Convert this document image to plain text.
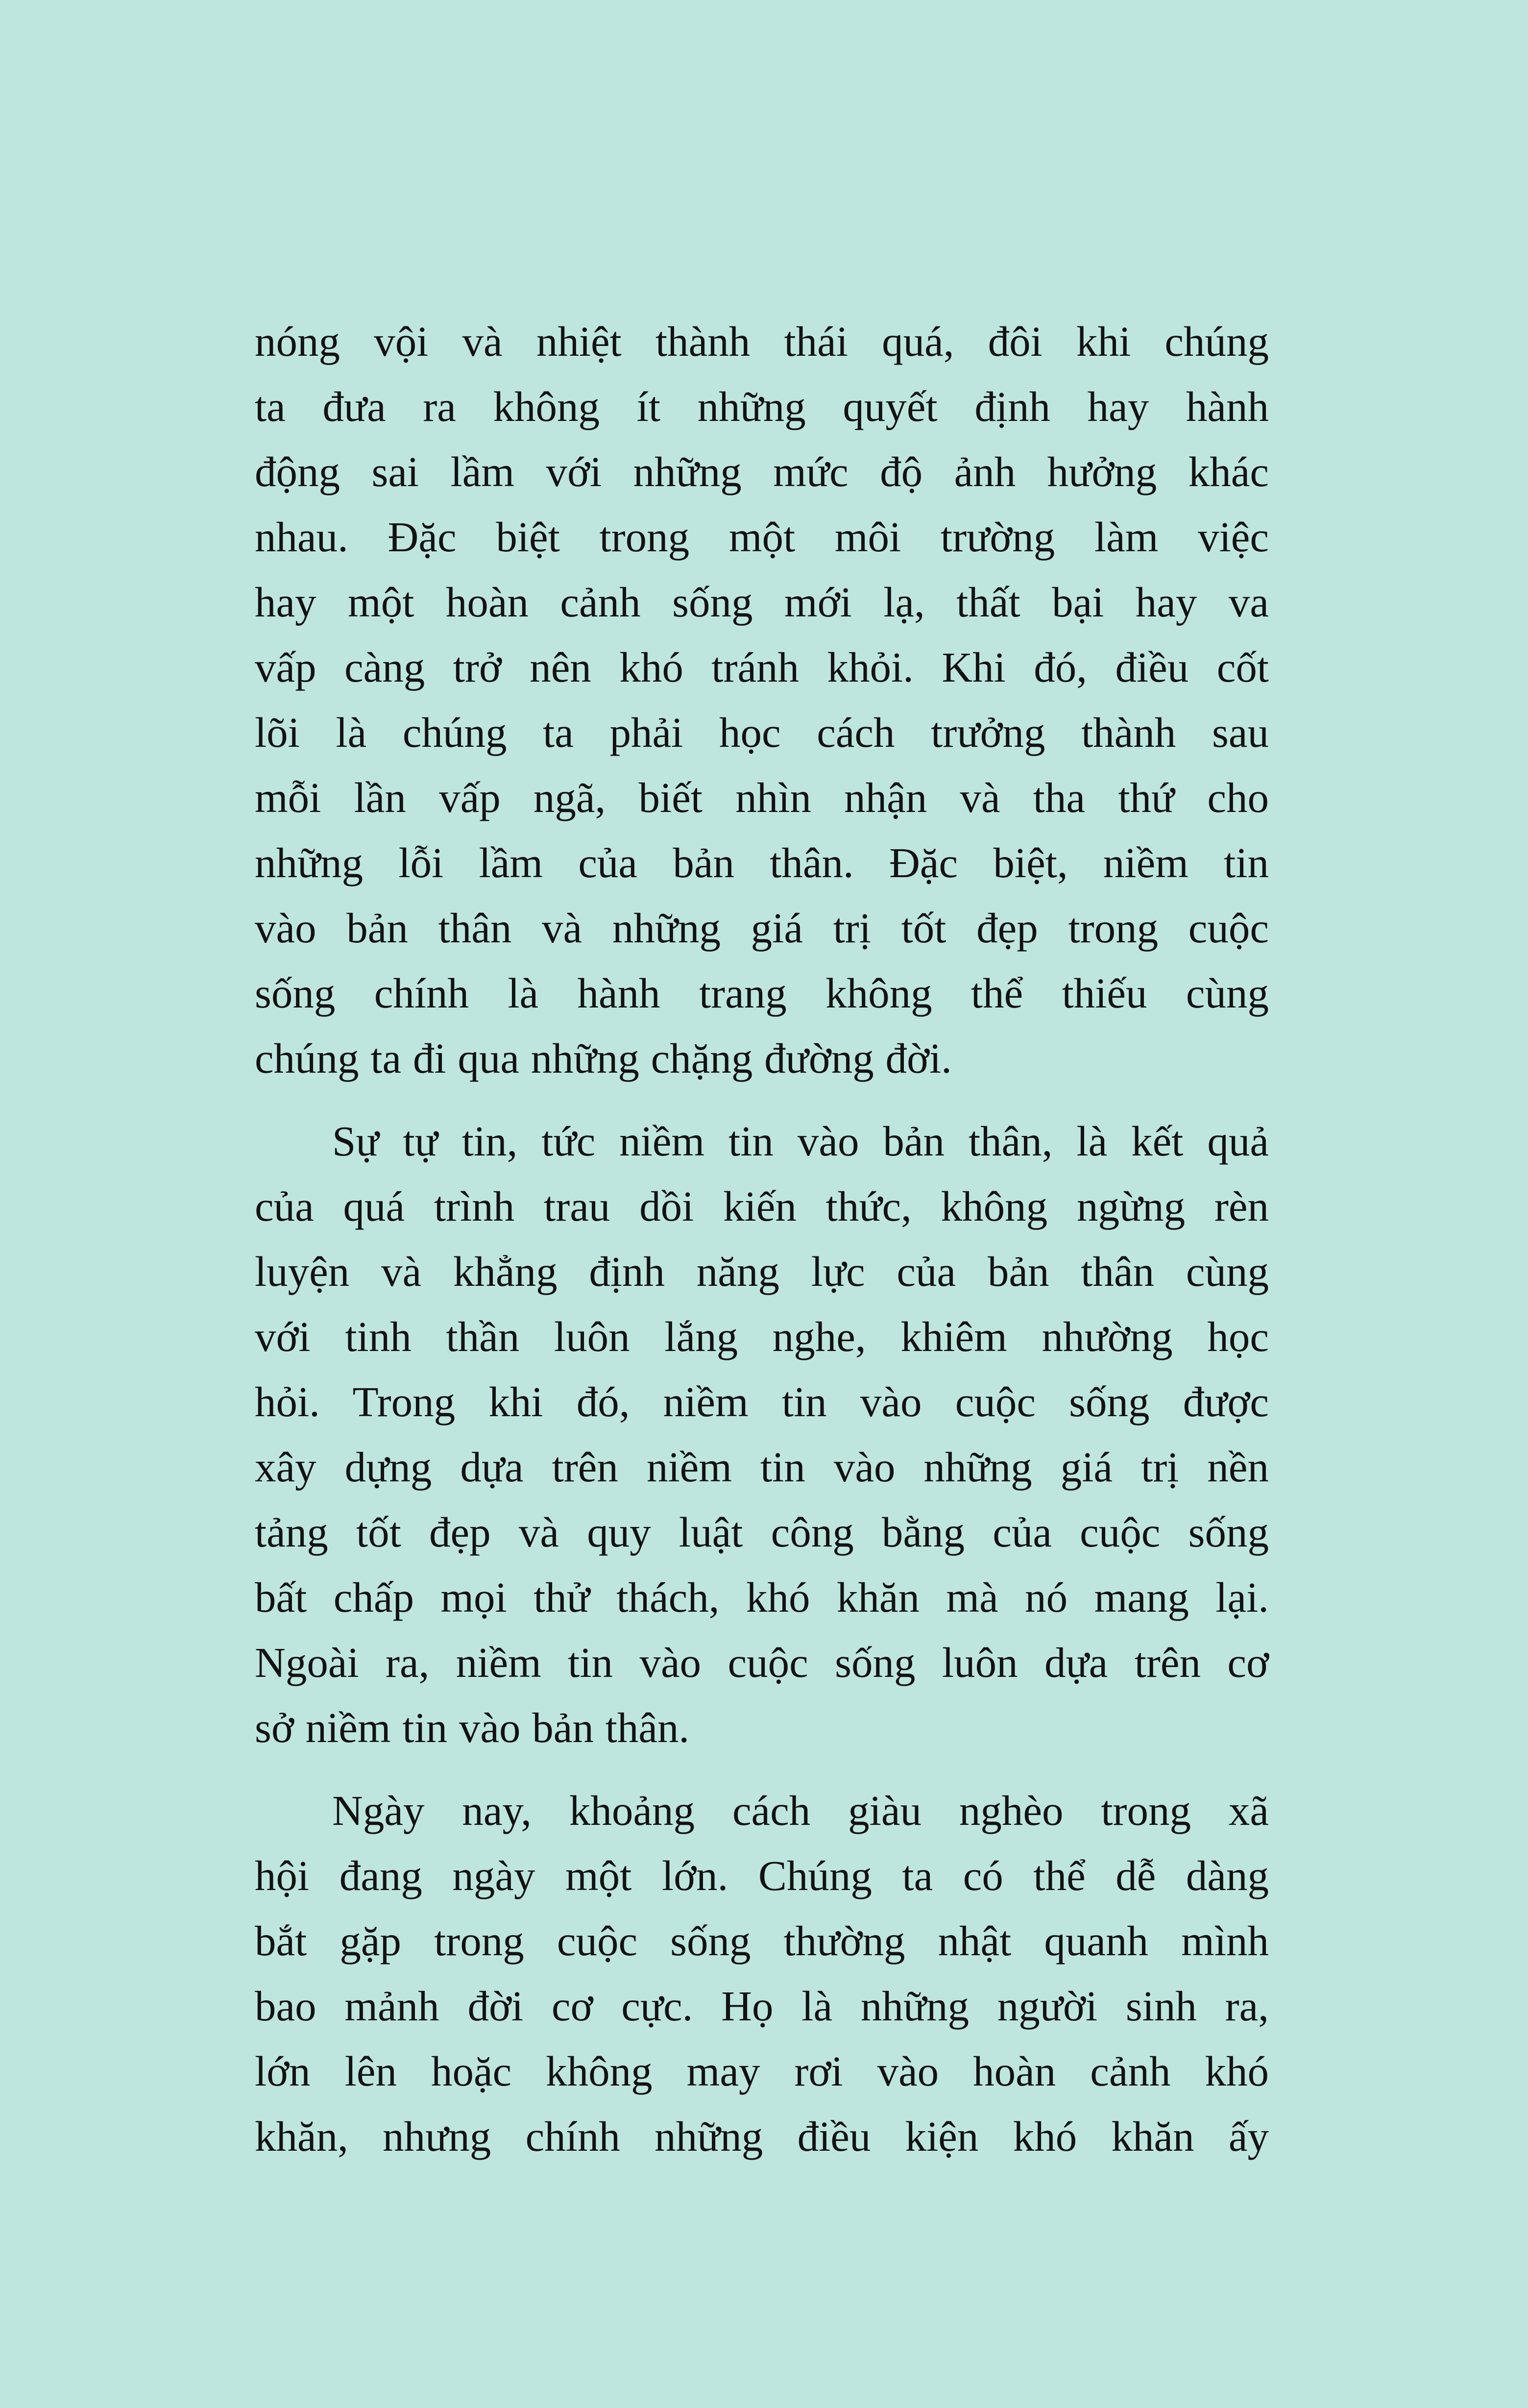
nóng vội và nhiệt thành thái quá, đôi khi chúng
ta đưa ra không ít những quyết định hay hành
động sai lầm với những mức độ ảnh hưởng khác
nhau. Đặc biệt trong một môi trường làm việc
hay một hoàn cảnh sống mới lạ, thất bại hay va
vấp càng trở nên khó tránh khỏi. Khi đó, điều cốt
lõi là chúng ta phải học cách trưởng thành sau
mỗi lần vấp ngã, biết nhìn nhận và tha thứ cho
những lỗi lầm của bản thân. Đặc biệt, niềm tin
vào bản thân và những giá trị tốt đẹp trong cuộc
sống chính là hành trang không thể thiếu cùng
chúng ta đi qua những chặng đường đời.
Sự tự tin, tức niềm tin vào bản thân, là kết quả
của quá trình trau dồi kiến thức, không ngừng rèn
luyện và khẳng định năng lực của bản thân cùng
với tinh thần luôn lắng nghe, khiêm nhường học
hỏi. Trong khi đó, niềm tin vào cuộc sống được
xây dựng dựa trên niềm tin vào những giá trị nền
tảng tốt đẹp và quy luật công bằng của cuộc sống
bất chấp mọi thử thách, khó khăn mà nó mang lại.
Ngoài ra, niềm tin vào cuộc sống luôn dựa trên cơ
sở niềm tin vào bản thân.
Ngày nay, khoảng cách giàu nghèo trong xã
hội đang ngày một lớn. Chúng ta có thể dễ dàng
bắt gặp trong cuộc sống thường nhật quanh mình
bao mảnh đời cơ cực. Họ là những người sinh ra,
lớn lên hoặc không may rơi vào hoàn cảnh khó
khăn, nhưng chính những điều kiện khó khăn ấy
